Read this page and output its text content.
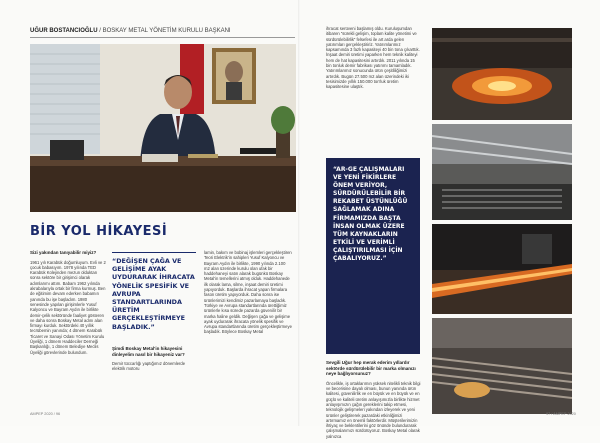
UĞUR BOSTANCIOĞLU / BOSKAY METAL YÖNETİM KURULU BAŞKANI
BİR YOL HİKAYESİ

Sizi yakından tanıyabilir miyiz?

1961 yılı Karabük doğumluyum. Evli ve 2 çocuk babasıyım. 1978 yılında TED Karabük Kolejinden mezun olduktan sonra sektöre bir girişimci olarak adımlarımı attım. Babam 1962 yılında akrabalarıyla ortak bir firma kurmuş. Ben de eğitimim devam ederken babamın yanında bu işe başladım. 1980 senesinde yapılan girişimlerle Yusuf Kalyoncu ve Bayram Aydın ile birlikte demir-çelik sektöründe faaliyet gösteren ve daha sonra Boskay Metal adını alan firmayı kurduk. Sektördeki 40 yıllık tecrübemin yanında; 4 dönem Karabük Ticaret ve Sanayi Odası Yönetim Kurulu Üyeliği, 1 dönem Haddeciler Derneği Başkanlığı, 1 dönem Belediye Meclis Üyeliği görevlerinde bulundum.

“DEĞİŞEN ÇAĞA VE GELİŞİME AYAK UYDURARAK İHRACATA YÖNELİK SPESİFİK VE AVRUPA STANDARTLARINDA ÜRETİM GERÇEKLEŞTİRMEYE BAŞLADIK.”

Şimdi Boskay Metal'in hikayesini dinleyelim nasıl bir hikayeniz var?

Demir tüccarlığı yaptığımız dönemlerde elektrik motoru

lamin, bakım ve bobinaj işlemleri gerçekleştiren Teori Elektrik'in sahipleri Yusuf Kalyoncu ve Bayram Aydın ile birlikte, 1990 yılında 2.100 m2 alan üzerinde kurulu olan ufak bir haddehaneyi satın alarak bugünkü Boskay Metal'in temellerini atmış olduk. Haddehanede ilk olarak lama, silme, inşaat demiri üretimi yapıyorduk. Başlarda ihracat yapan firmalara fason üretim yapıyorduk. Daha sonra ise ürünlerimizi kendimiz pazarlamaya başladık. Türkiye ve Avrupa standartlarında ürettiğimiz ürünlerle kısa sürede pazarda güvenilir bir marka haline geldik. Değişen çağa ve gelişime ayak uydurarak ihracata yönelik spesifik ve Avrupa standartlarında üretim gerçekleştirmeye başladık. Böylece Boskay Metal

AMPEP 2020 / 96

ihracat serüveni başlamış oldu. Kuruluşumdan itibaren “sürekli gelişim, toplam kalite yönetimi ve sürdürülebilirlik” felsefesi ile art arda gelen yatırımları gerçekleştiririz. Yatırımlarımız kapsamında 3 fazlı kapasiteyi 40 bin tona çıkarttık. İnşaat demiri üretimi yaparken hem teknik kaliteyi hem de hat kapasitesini artırdık. 2011 yılında 15 bin tonluk demir fabrikası yatırımı tamamladık. Yatırımlarımız sonucunda ürün çeşitliliğimizi artırdık. Bugün 27.500 m2 alan üzerindeki iki tesisimizde yıllık 150.000 ton'luk üretim kapasitesine ulaştık.

“AR-GE ÇALIŞMALARI VE YENİ FİKİRLERE ÖNEM VERİYOR, SÜRDÜRÜLEBİLİR BİR REKABET ÜSTÜNLÜĞÜ SAĞLAMAK ADINA FİRMAMIZDA BAŞTA İNSAN OLMAK ÜZERE TÜM KAYNAKLARIN ETKİLİ VE VERİMLİ ÇALIŞTIRILMASI İÇİN ÇABALIYORUZ.”

Sevgili Uğur hep merak ederim yıllardır sektörde sürdürülebilir bir marka olmanızı neye bağlıyorsunuz?

Öncelikle, iş ortaklarımın yüksek nitelikli teknik bilgi ve becerisine dayalı olması, bunun yanında ürün kalitesi, güvenilirlik ve en büyük ve en büyük ve en güçlü ve kaliteli üretim anlayışımızla birlikte hizmet anlayışımızın çağın gereklerini takip etmesi, teknolojik gelişmeleri yakından izleyerek ve yeni ürünler geliştirerek pazardaki etkinliğimizi artırmamız en önemli faktörlerdir. Müşterilerimizin ihtiyaç ve beklentilerini göz önünde bulundurarak çalışmalarımızı sürdürüyoruz. Boskay Metal olarak yalnızca

97 / AMPEP 2020
